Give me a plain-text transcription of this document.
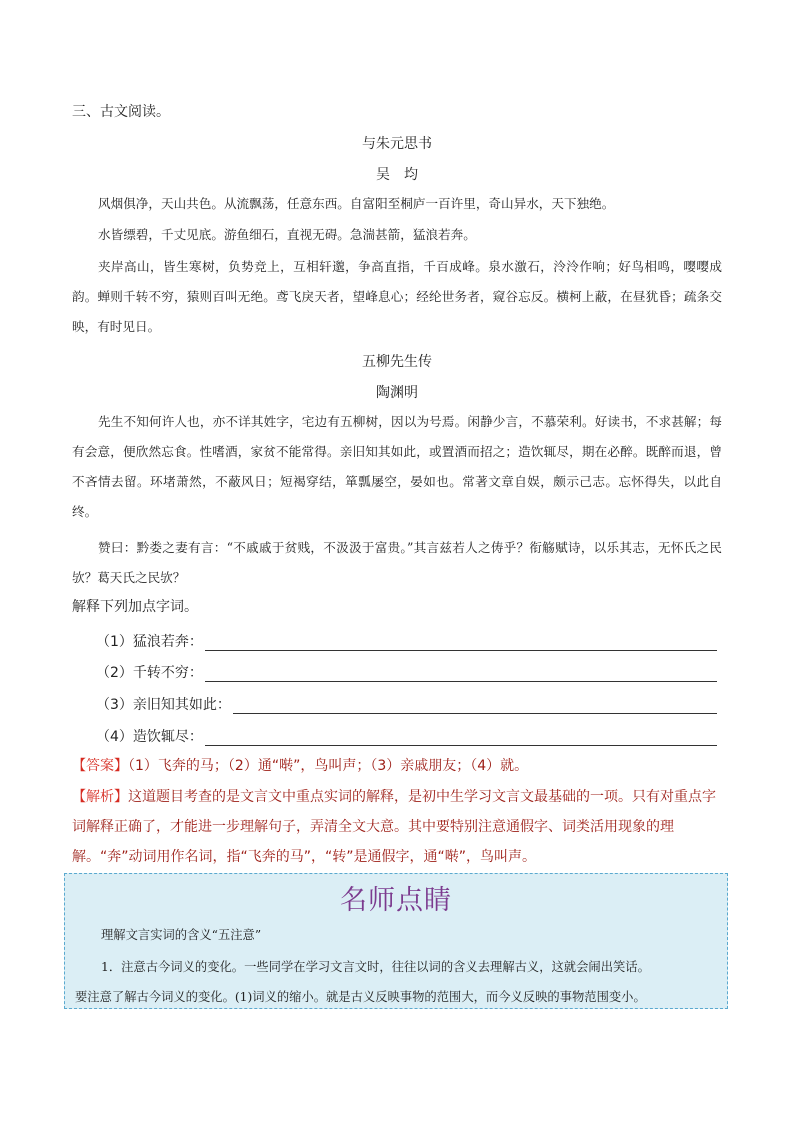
三、古文阅读。
与朱元思书
吴　均
风烟俱净，天山共色。从流飘荡，任意东西。自富阳至桐庐一百许里，奇山异水，天下独绝。
水皆缥碧，千丈见底。游鱼细石，直视无碍。急湍甚箭，猛浪若奔。
夹岸高山，皆生寒树，负势竞上，互相轩邈，争高直指，千百成峰。泉水激石，泠泠作响；好鸟相鸣，嘤嘤成韵。蝉则千转不穷，猿则百叫无绝。鸢飞戾天者，望峰息心；经纶世务者，窥谷忘反。横柯上蔽，在昼犹昏；疏条交映，有时见日。
五柳先生传
陶渊明
先生不知何许人也，亦不详其姓字，宅边有五柳树，因以为号焉。闲静少言，不慕荣利。好读书，不求甚解；每有会意，便欣然忘食。性嗜酒，家贫不能常得。亲旧知其如此，或置酒而招之；造饮辄尽，期在必醉。既醉而退，曾不吝情去留。环堵萧然，不蔽风日；短褐穿结，箪瓢屡空，晏如也。常著文章自娱，颇示己志。忘怀得失，以此自终。
赞曰：黔娄之妻有言：“不戚戚于贫贱，不汲汲于富贵。”其言兹若人之俦乎？衔觞赋诗，以乐其志，无怀氏之民欤？葛天氏之民欤？
解释下列加点字词。
（1）猛浪若奔：
（2）千转不穷：
（3）亲旧知其如此：
（4）造饮辄尽：
【答案】（1）飞奔的马；（2）通“啭”，鸟叫声；（3）亲戚朋友；（4）就。
【解析】这道题目考查的是文言文中重点实词的解释，是初中生学习文言文最基础的一项。只有对重点字词解释正确了，才能进一步理解句子，弄清全文大意。其中要特别注意通假字、词类活用现象的理解。“奔”动词用作名词，指“飞奔的马”，“转”是通假字，通“啭”，鸟叫声。
名师点睛
理解文言实词的含义“五注意”
1．注意古今词义的变化。一些同学在学习文言文时，往往以词的含义去理解古义，这就会闹出笑话。
要注意了解古今词义的变化。(1)词义的缩小。就是古义反映事物的范围大，而今义反映的事物范围变小。
